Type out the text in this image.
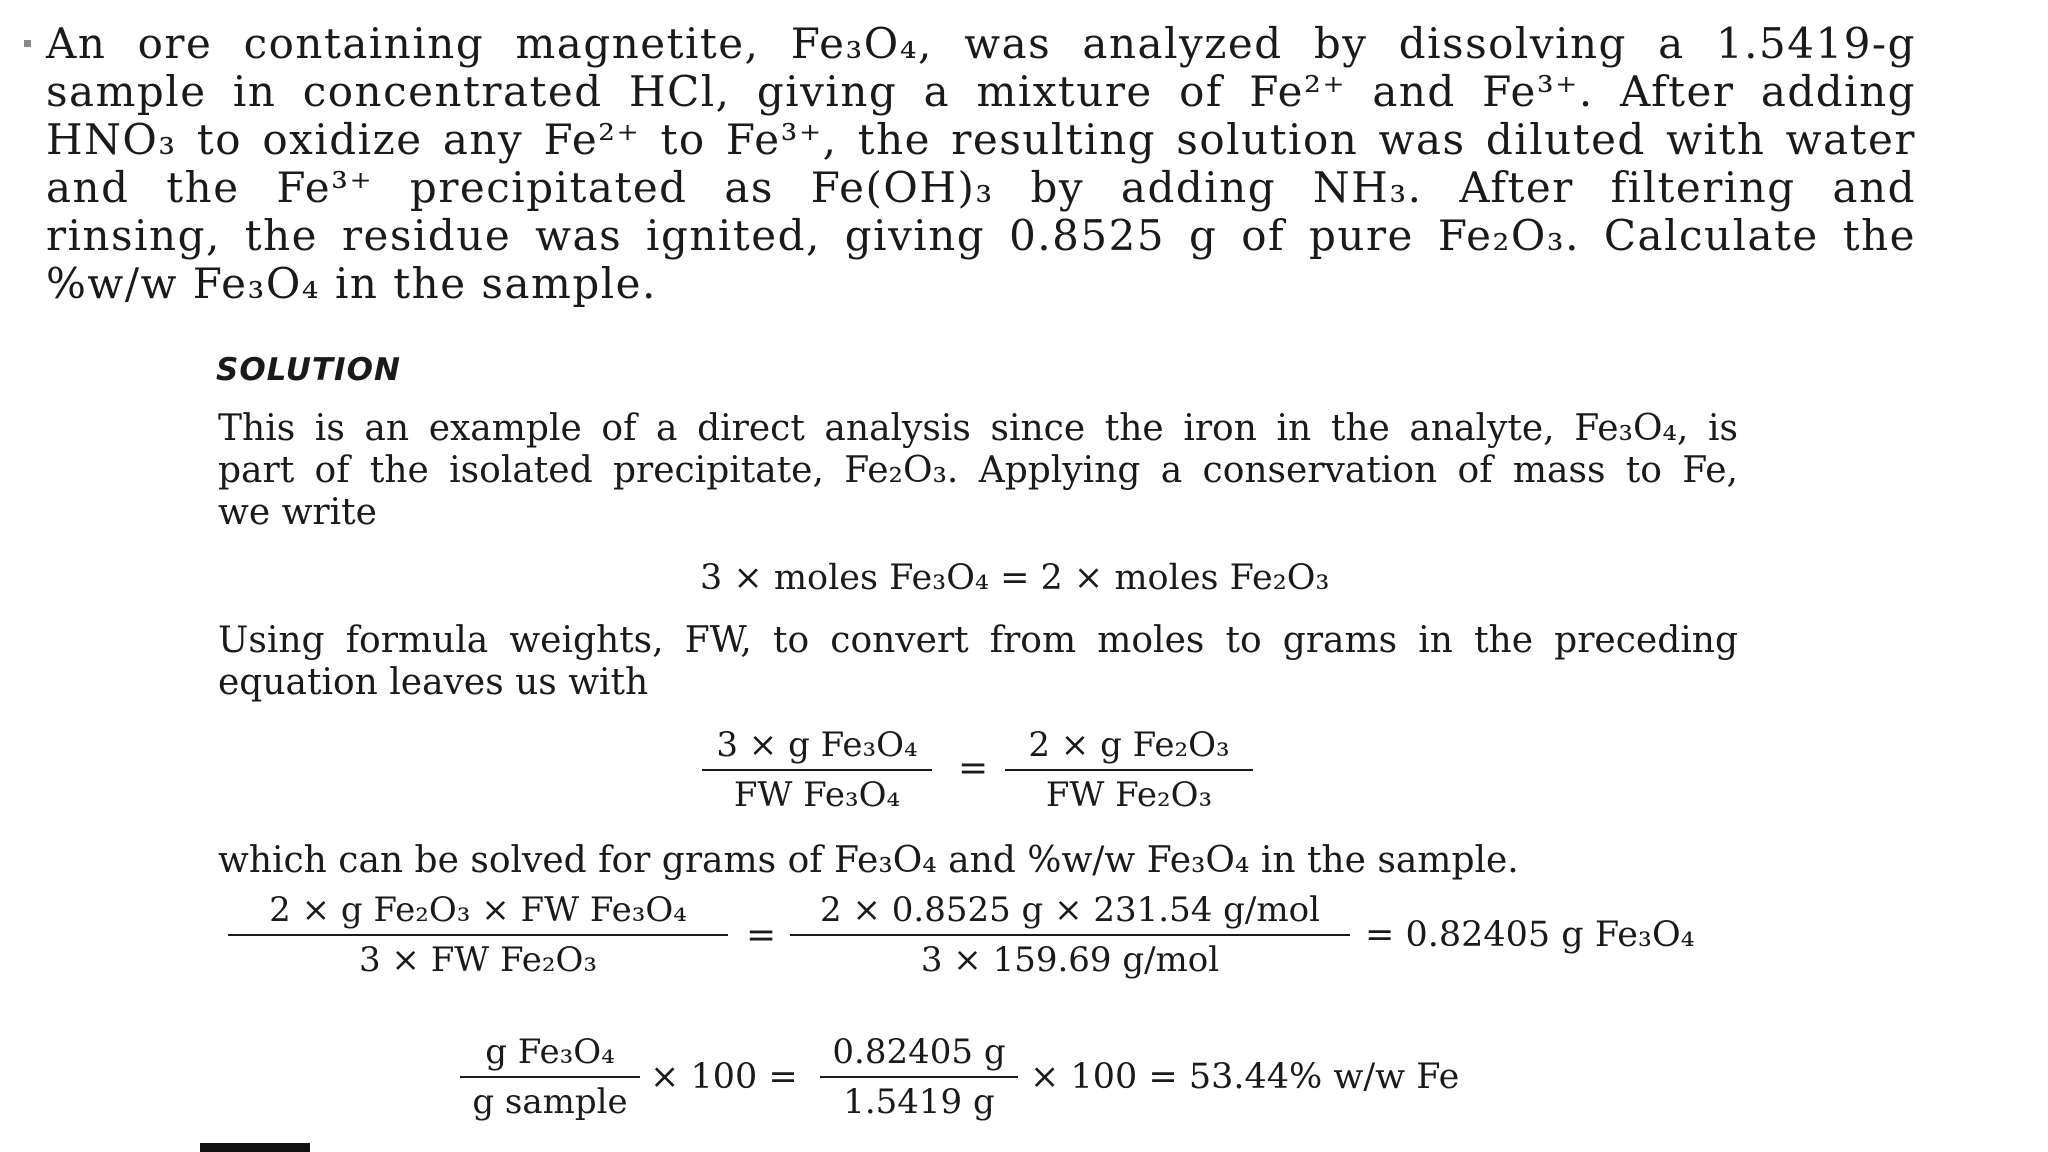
An ore containing magnetite, Fe₃O₄, was analyzed by dissolving a 1.5419-g
sample in concentrated HCl, giving a mixture of Fe²⁺ and Fe³⁺. After adding
HNO₃ to oxidize any Fe²⁺ to Fe³⁺, the resulting solution was diluted with water
and the Fe³⁺ precipitated as Fe(OH)₃ by adding NH₃. After filtering and
rinsing, the residue was ignited, giving 0.8525 g of pure Fe₂O₃. Calculate the
%w/w Fe₃O₄ in the sample.
SOLUTION
This is an example of a direct analysis since the iron in the analyte, Fe₃O₄, is
part of the isolated precipitate, Fe₂O₃. Applying a conservation of mass to Fe,
we write
3 × moles Fe₃O₄ = 2 × moles Fe₂O₃
Using formula weights, FW, to convert from moles to grams in the preceding
equation leaves us with
$\frac{\text{3 × g Fe₃O₄}}{\text{FW Fe₃O₄}} = \frac{\text{2 × g Fe₂O₃}}{\text{FW Fe₂O₃}}$
which can be solved for grams of Fe₃O₄ and %w/w Fe₃O₄ in the sample.
$\frac{\text{2 × g Fe₂O₃ × FW Fe₃O₄}}{\text{3 × FW Fe₂O₃}}$ =
2 × 0.8525 g × 231.54 g/mol
3 × 159.69 g/mol
= 0.82405 g Fe₃O₄
g Fe₃O₄
g sample
× $100 = \frac{0.82405 g}{1.5419 g} \times 100 = 53.44\%$ w/w Fe
